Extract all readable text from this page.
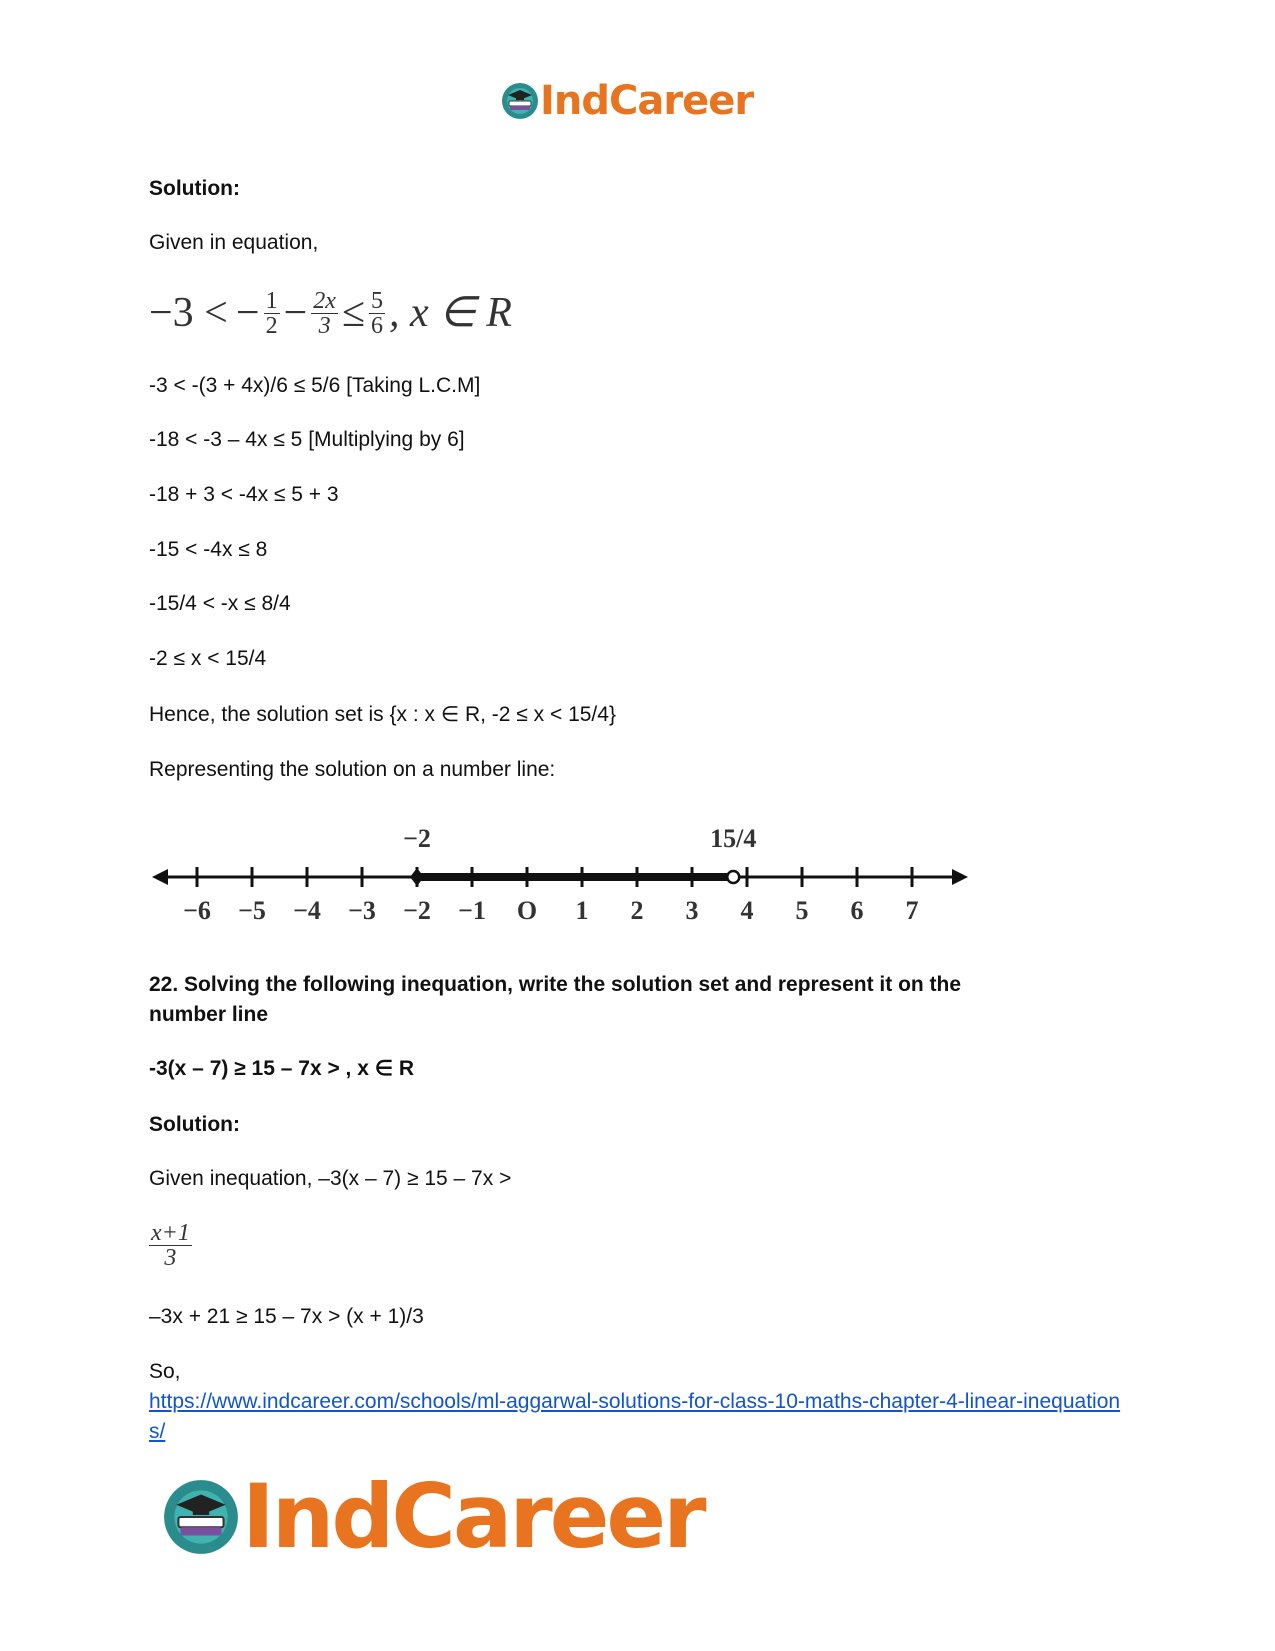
IndCareer
Solution:
Given in equation,
−3 < − $\frac{1}{2} - \frac{2x}{3} \le \frac{5}{6}$ , x ∈ R
-3 < -(3 + 4x)/6 ≤ 5/6 [Taking L.C.M]
-18 < -3 – 4x ≤ 5 [Multiplying by 6]
-18 + 3 < -4x ≤ 5 + 3
-15 < -4x ≤ 8
-15/4 < -x ≤ 8/4
-2 ≤ x < 15/4
Hence, the solution set is {x : x ∈ R, -2 ≤ x < 15/4}
Representing the solution on a number line:
−6 −5 −4 −3 −2 −1 O 1 2 3 4 5 6 7
−2	15/4
22. Solving the following inequation, write the solution set and represent it on the
number line
-3(x – 7) ≥ 15 – 7x > , x ∈ R
Solution:
Given inequation, –3(x – 7) ≥ 15 – 7x >
$\frac{x+1}{3}$
–3x + 21 ≥ 15 – 7x > (x + 1)/3
So,
https://www.indcareer.com/schools/ml-aggarwal-solutions-for-class-10-maths-chapter-4-linear-inequations/
IndCareer
